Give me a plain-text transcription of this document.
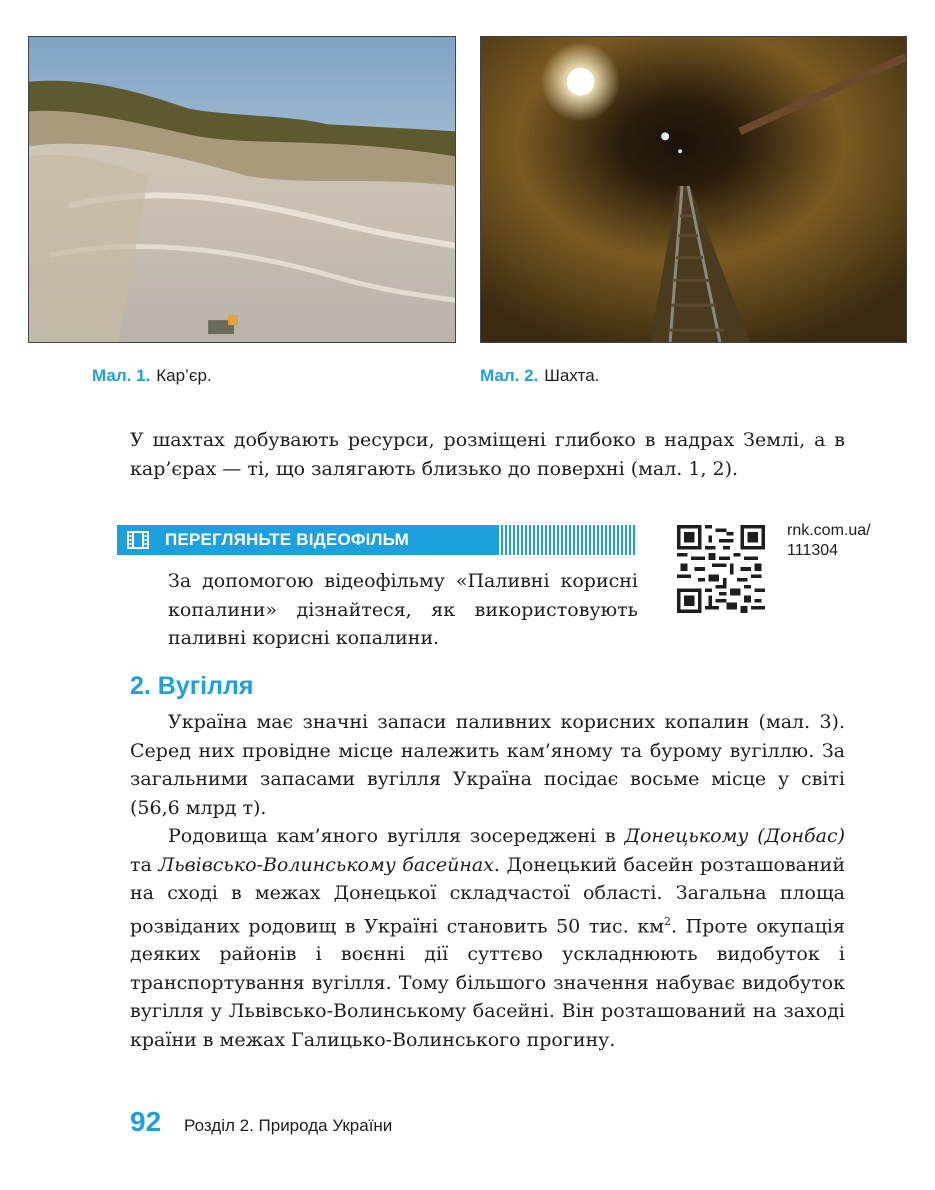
Мал. 1. Кар’єр.	Мал. 2. Шахта.

У шахтах добувають ресурси, розміщені глибоко в надрах Землі, а в кар’єрах — ті, що залягають близько до поверхні (мал. 1, 2).

ПЕРЕГЛЯНЬТЕ ВІДЕОФІЛЬМ

За допомогою відеофільму «Паливні корисні копалини» дізнайтеся, як використовують паливні корисні копалини.

rnk.com.ua/
111304
2. Вугілля

Україна має значні запаси паливних корисних копалин (мал. 3). Серед них провідне місце належить кам’яному та бурому вугіллю. За загальними запасами вугілля Україна посідає восьме місце у світі (56,6 млрд т).

Родовища кам’яного вугілля зосереджені в Донецькому (Донбас) та Львівсько-Волинському басейнах. Донецький басейн розташований на сході в межах Донецької складчастої області. Загальна площа розвіданих родовищ в Україні становить 50 тис. $км^2$. Проте окупація деяких районів і воєнні дії суттєво ускладнюють видобуток і транспортування вугілля. Тому більшого значення набуває видобуток вугілля у Львівсько-Волинському басейні. Він розташований на заході країни в межах Галицько-Волинського прогину.

92 Розділ 2. Природа України
